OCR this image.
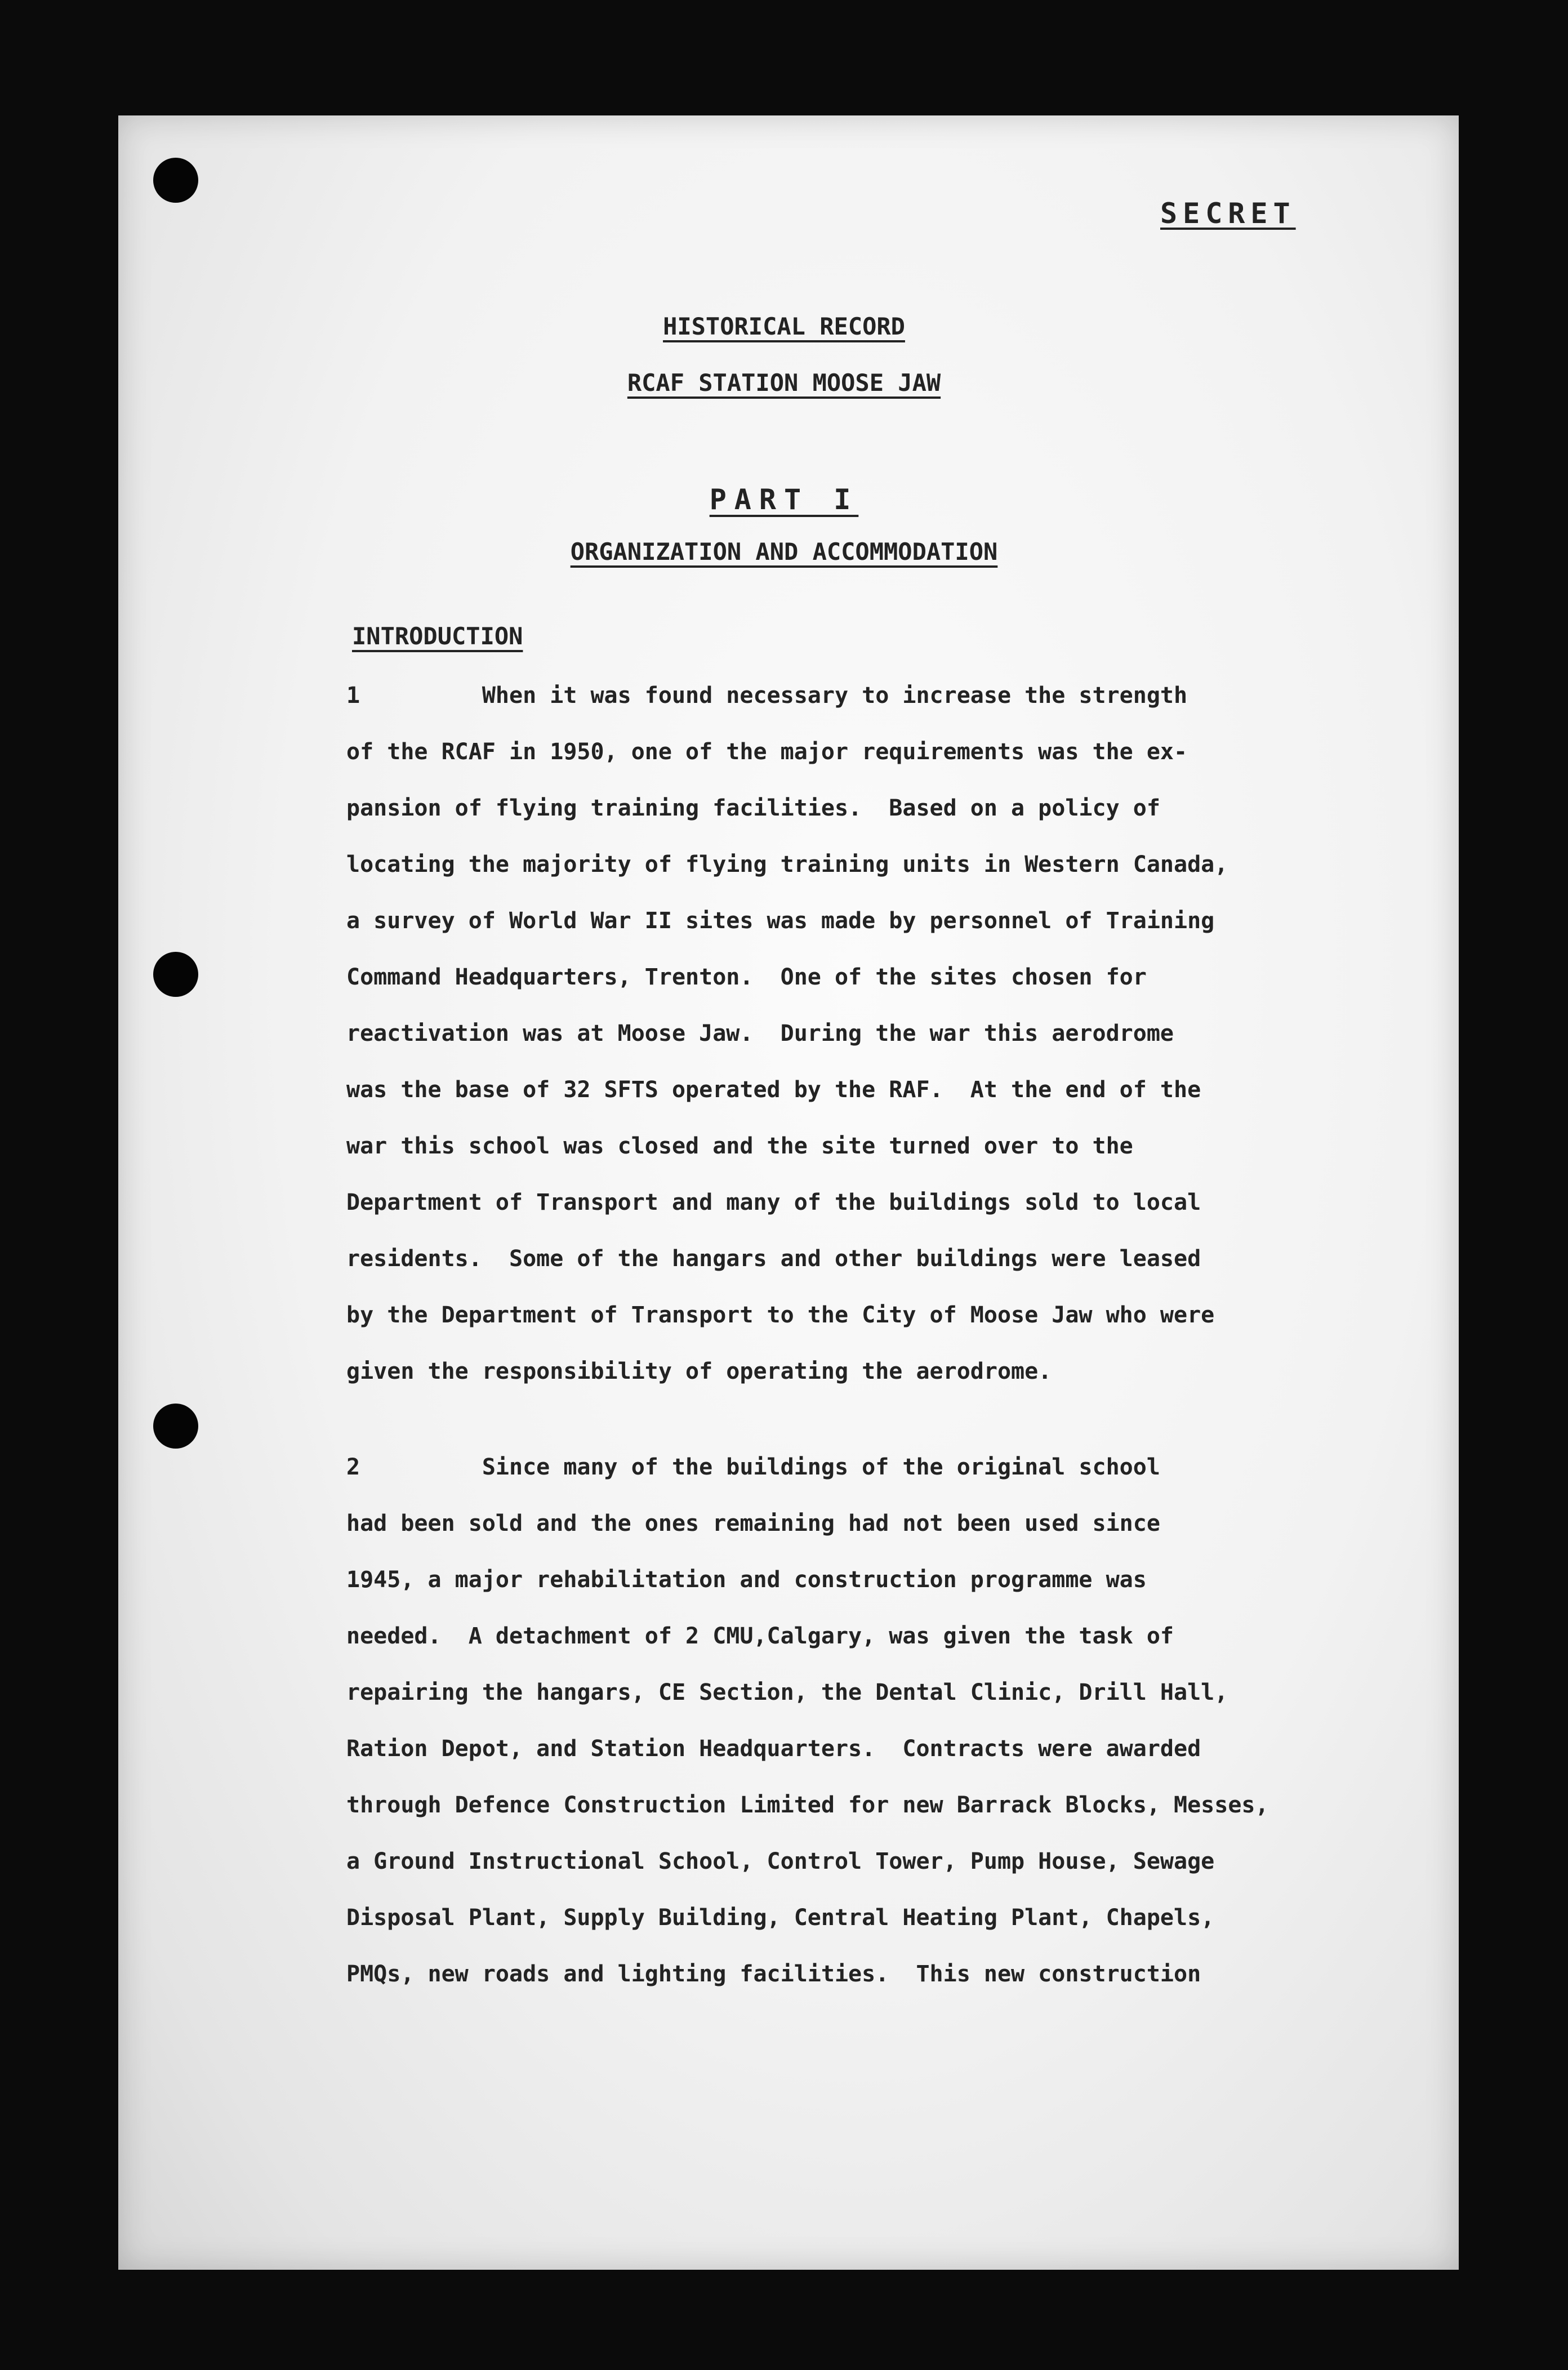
SECRET

HISTORICAL RECORD

RCAF STATION MOOSE JAW

PART I

ORGANIZATION AND ACCOMMODATION

INTRODUCTION

1         When it was found necessary to increase the strength
of the RCAF in 1950, one of the major requirements was the ex-
pansion of flying training facilities.  Based on a policy of
locating the majority of flying training units in Western Canada,
a survey of World War II sites was made by personnel of Training
Command Headquarters, Trenton.  One of the sites chosen for
reactivation was at Moose Jaw.  During the war this aerodrome
was the base of 32 SFTS operated by the RAF.  At the end of the
war this school was closed and the site turned over to the
Department of Transport and many of the buildings sold to local
residents.  Some of the hangars and other buildings were leased
by the Department of Transport to the City of Moose Jaw who were
given the responsibility of operating the aerodrome.

2         Since many of the buildings of the original school
had been sold and the ones remaining had not been used since
1945, a major rehabilitation and construction programme was
needed.  A detachment of 2 CMU,Calgary, was given the task of
repairing the hangars, CE Section, the Dental Clinic, Drill Hall,
Ration Depot, and Station Headquarters.  Contracts were awarded
through Defence Construction Limited for new Barrack Blocks, Messes,
a Ground Instructional School, Control Tower, Pump House, Sewage
Disposal Plant, Supply Building, Central Heating Plant, Chapels,
PMQs, new roads and lighting facilities.  This new construction
